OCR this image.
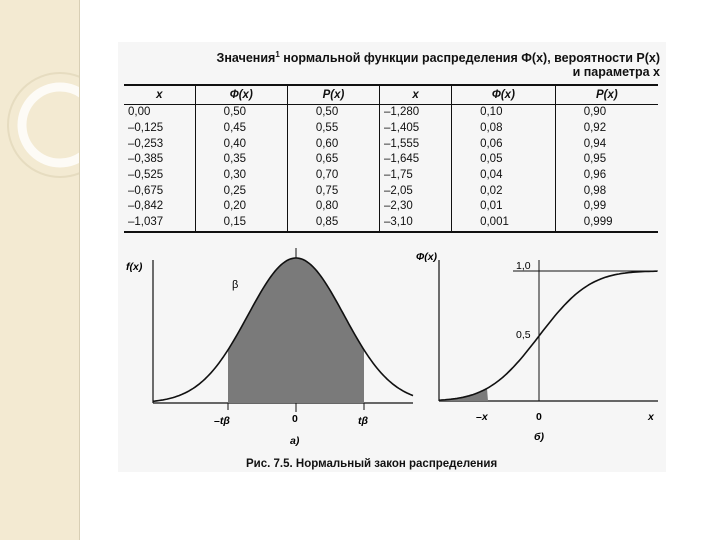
Значения$^1$ нормальной функции распределения Ф(x), вероятности P(x)
и параметра x
x	Ф(x)	P(x)	x	Ф(x)	P(x)
0,00	0,50	0,50	–1,280	0,10	0,90
–0,125	0,45	0,55	–1,405	0,08	0,92
–0,253	0,40	0,60	–1,555	0,06	0,94
–0,385	0,35	0,65	–1,645	0,05	0,95
–0,525	0,30	0,70	–1,75	0,04	0,96
–0,675	0,25	0,75	–2,05	0,02	0,98
–0,842	0,20	0,80	–2,30	0,01	0,99
–1,037	0,15	0,85	–3,10	0,001	0,999
f(x)
β
–tβ	0	tβ
а)
Ф(x)
1,0
0,5
–x	0	x
б)
Рис. 7.5. Нормальный закон распределения
